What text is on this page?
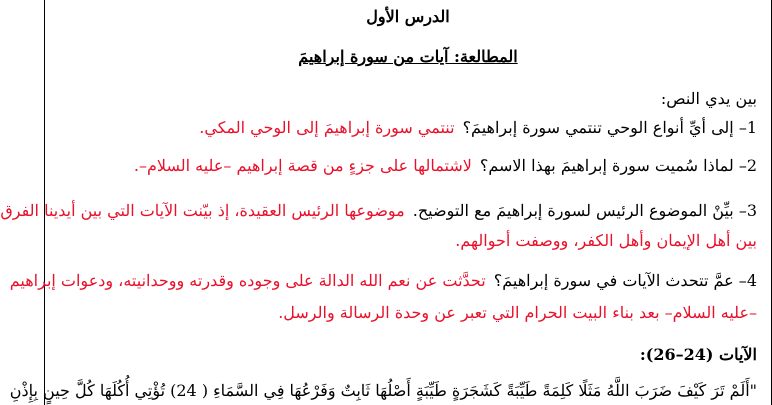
الدرس الأول
المطالعة: آيات من سورة إبراهيمَ
بين يدي النص:
1– إلى أيِّ أنواع الوحي تنتمي سورة إبراهيمَ؟تنتمي سورة إبراهيمَ إلى الوحي المكي.
2– لماذا سُميت سورة إبراهيمَ بهذا الاسم؟لاشتمالها على جزءٍ من قصة إبراهيم –عليه السلام–.
3– بيِّنْ الموضوع الرئيس لسورة إبراهيمَ مع التوضيح.موضوعها الرئيس العقيدة، إذ بيّنت الآيات التي بين أيدينا الفرق
بين أهل الإيمان وأهل الكفر، ووصفت أحوالهم.
4– عمَّ تتحدث الآيات في سورة إبراهيمَ؟تحدَّثت عن نعم الله الدالة على وجوده وقدرته ووحدانيته، ودعوات إبراهيم
–عليه السلام– بعد بناء البيت الحرام التي تعبر عن وحدة الرسالة والرسل.
الآيات (24–26):
"أَلَمْ تَرَ كَيْفَ ضَرَبَ اللَّهُ مَثَلًا كَلِمَةً طَيِّبَةً كَشَجَرَةٍ طَيِّبَةٍ أَصْلُهَا ثَابِتٌ وَفَرْعُهَا فِي السَّمَاءِ ( 24) تُؤْتِي أُكُلَهَا كُلَّ حِينٍ بِإِذْنِ
